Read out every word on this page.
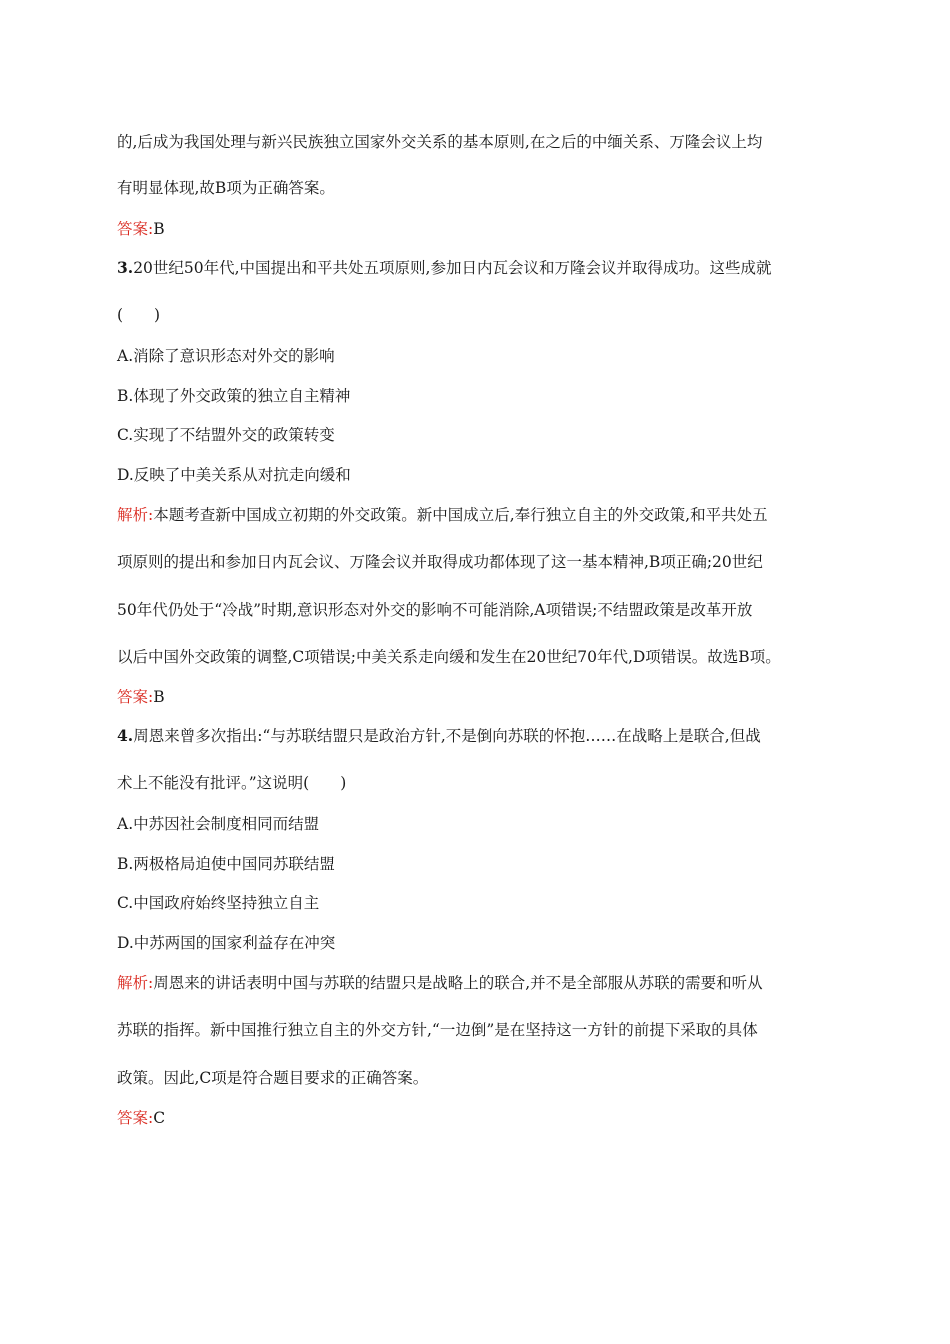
的,后成为我国处理与新兴民族独立国家外交关系的基本原则,在之后的中缅关系、万隆会议上均
有明显体现,故B项为正确答案。
答案:B
3.20世纪50年代,中国提出和平共处五项原则,参加日内瓦会议和万隆会议并取得成功。这些成就
(　　)
A.消除了意识形态对外交的影响
B.体现了外交政策的独立自主精神
C.实现了不结盟外交的政策转变
D.反映了中美关系从对抗走向缓和
解析:本题考查新中国成立初期的外交政策。新中国成立后,奉行独立自主的外交政策,和平共处五
项原则的提出和参加日内瓦会议、万隆会议并取得成功都体现了这一基本精神,B项正确;20世纪
50年代仍处于“冷战”时期,意识形态对外交的影响不可能消除,A项错误;不结盟政策是改革开放
以后中国外交政策的调整,C项错误;中美关系走向缓和发生在20世纪70年代,D项错误。故选B项。
答案:B
4.周恩来曾多次指出:“与苏联结盟只是政治方针,不是倒向苏联的怀抱……在战略上是联合,但战
术上不能没有批评。”这说明(　　)
A.中苏因社会制度相同而结盟
B.两极格局迫使中国同苏联结盟
C.中国政府始终坚持独立自主
D.中苏两国的国家利益存在冲突
解析:周恩来的讲话表明中国与苏联的结盟只是战略上的联合,并不是全部服从苏联的需要和听从
苏联的指挥。新中国推行独立自主的外交方针,“一边倒”是在坚持这一方针的前提下采取的具体
政策。因此,C项是符合题目要求的正确答案。
答案:C
